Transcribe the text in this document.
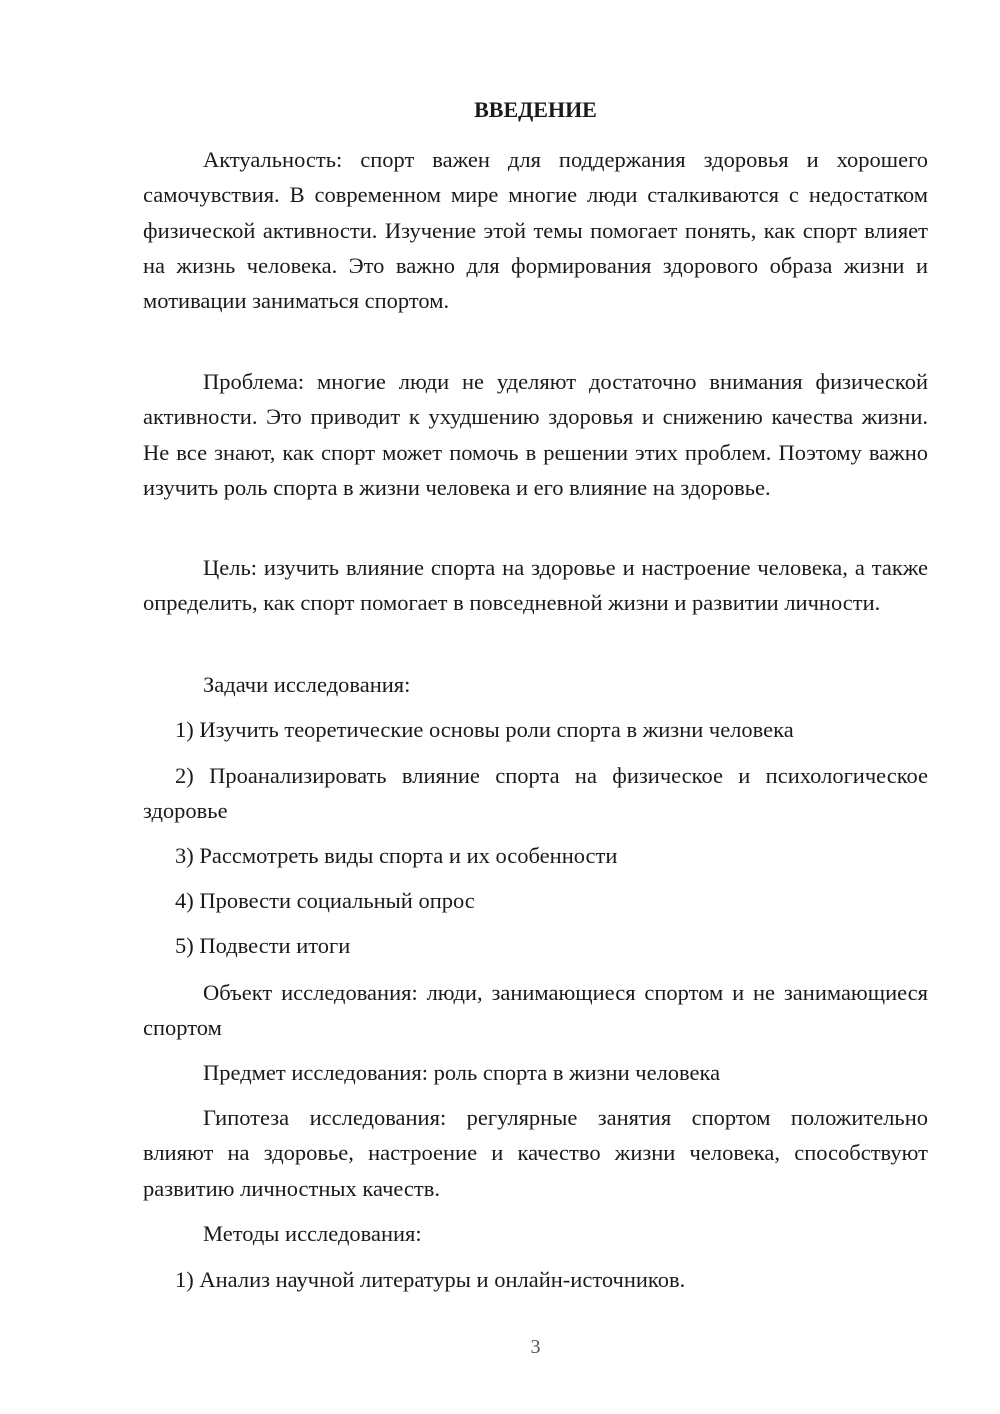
ВВЕДЕНИЕ

Актуальность: спорт важен для поддержания здоровья и хорошего самочувствия. В современном мире многие люди сталкиваются с недостатком физической активности. Изучение этой темы помогает понять, как спорт влияет на жизнь человека. Это важно для формирования здорового образа жизни и мотивации заниматься спортом.

Проблема: многие люди не уделяют достаточно внимания физической активности. Это приводит к ухудшению здоровья и снижению качества жизни. Не все знают, как спорт может помочь в решении этих проблем. Поэтому важно изучить роль спорта в жизни человека и его влияние на здоровье.

Цель: изучить влияние спорта на здоровье и настроение человека, а также определить, как спорт помогает в повседневной жизни и развитии личности.

Задачи исследования:

1) Изучить теоретические основы роли спорта в жизни человека

2) Проанализировать влияние спорта на физическое и психологическое здоровье

3) Рассмотреть виды спорта и их особенности

4) Провести социальный опрос

5) Подвести итоги

Объект исследования: люди, занимающиеся спортом и не занимающиеся спортом

Предмет исследования: роль спорта в жизни человека

Гипотеза исследования: регулярные занятия спортом положительно влияют на здоровье, настроение и качество жизни человека, способствуют развитию личностных качеств.

Методы исследования:

1) Анализ научной литературы и онлайн-источников.

3
